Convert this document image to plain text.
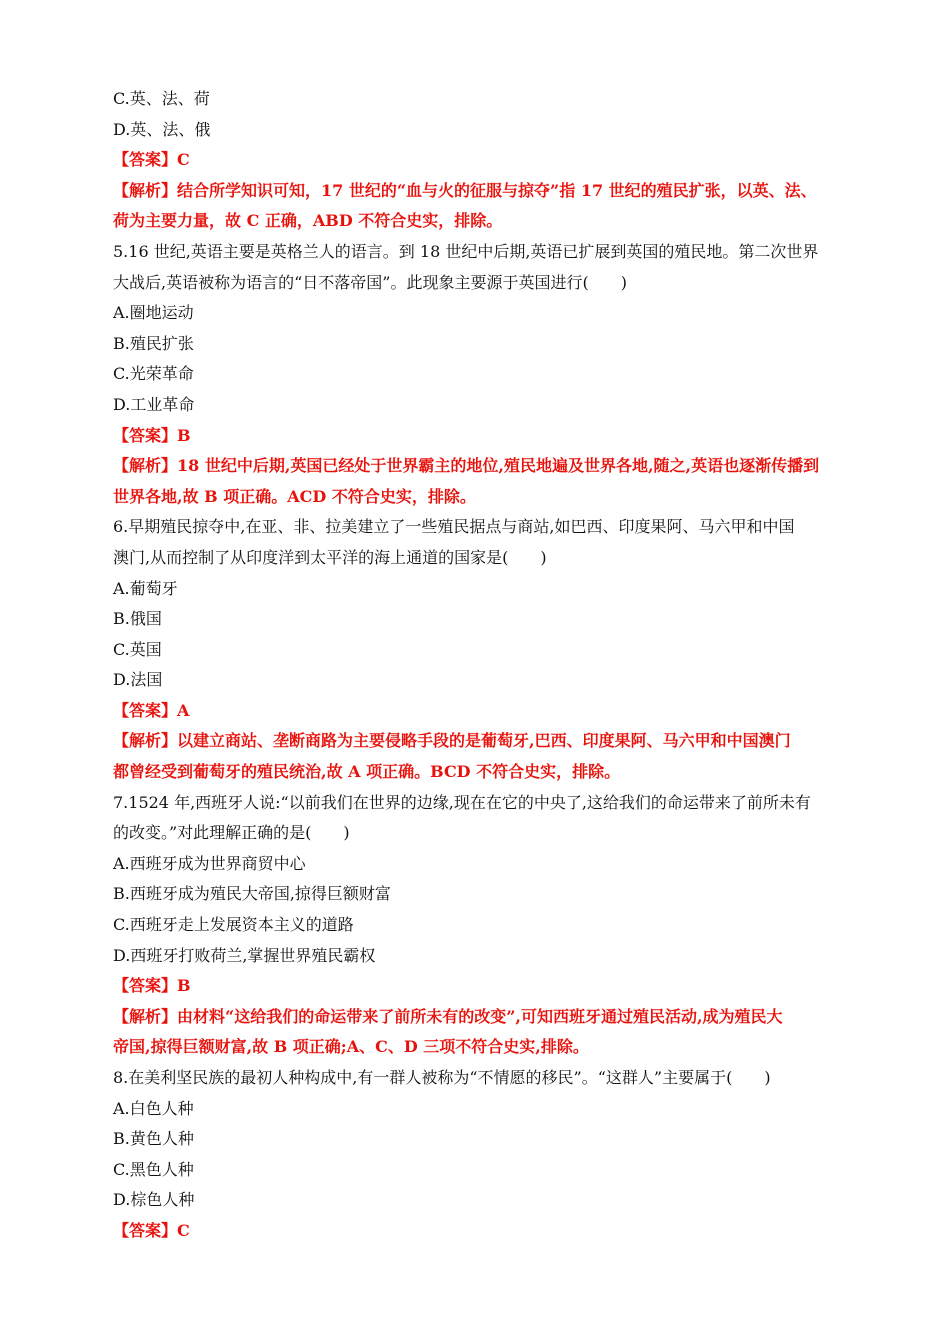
C.英、法、荷
D.英、法、俄
【答案】C
【解析】结合所学知识可知，17 世纪的“血与火的征服与掠夺”指 17 世纪的殖民扩张，以英、法、
荷为主要力量，故 C 正确，ABD 不符合史实，排除。
5.16 世纪,英语主要是英格兰人的语言。到 18 世纪中后期,英语已扩展到英国的殖民地。第二次世界
大战后,英语被称为语言的“日不落帝国”。此现象主要源于英国进行(　　)
A.圈地运动
B.殖民扩张
C.光荣革命
D.工业革命
【答案】B
【解析】18 世纪中后期,英国已经处于世界霸主的地位,殖民地遍及世界各地,随之,英语也逐渐传播到
世界各地,故 B 项正确。ACD 不符合史实，排除。
6.早期殖民掠夺中,在亚、非、拉美建立了一些殖民据点与商站,如巴西、印度果阿、马六甲和中国
澳门,从而控制了从印度洋到太平洋的海上通道的国家是(　　)
A.葡萄牙
B.俄国
C.英国
D.法国
【答案】A
【解析】以建立商站、垄断商路为主要侵略手段的是葡萄牙,巴西、印度果阿、马六甲和中国澳门
都曾经受到葡萄牙的殖民统治,故 A 项正确。BCD 不符合史实，排除。
7.1524 年,西班牙人说:“以前我们在世界的边缘,现在在它的中央了,这给我们的命运带来了前所未有
的改变。”对此理解正确的是(　　)
A.西班牙成为世界商贸中心
B.西班牙成为殖民大帝国,掠得巨额财富
C.西班牙走上发展资本主义的道路
D.西班牙打败荷兰,掌握世界殖民霸权
【答案】B
【解析】由材料“这给我们的命运带来了前所未有的改变”,可知西班牙通过殖民活动,成为殖民大
帝国,掠得巨额财富,故 B 项正确;A、C、D 三项不符合史实,排除。
8.在美利坚民族的最初人种构成中,有一群人被称为“不情愿的移民”。“这群人”主要属于(　　)
A.白色人种
B.黄色人种
C.黑色人种
D.棕色人种
【答案】C
